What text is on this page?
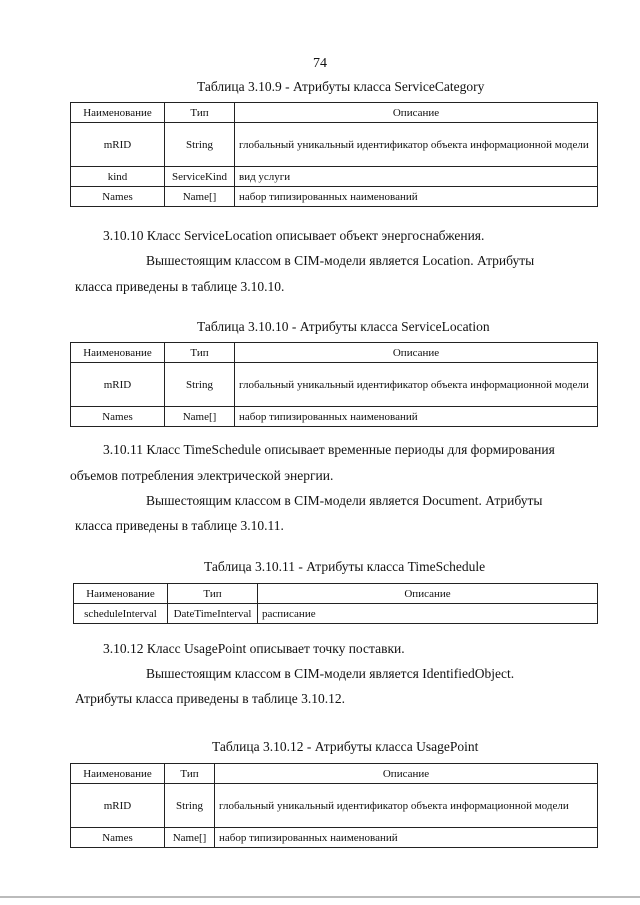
74
Таблица 3.10.9 - Атрибуты класса ServiceCategory
Наименование	Тип	Описание
mRID	String	глобальный уникальный идентификатор объекта информационной модели
kind	ServiceKind	вид услуги
Names	Name[]	набор типизированных наименований
3.10.10 Класс ServiceLocation описывает объект энергоснабжения.
Вышестоящим классом в CIM-модели является Location. Атрибуты
класса приведены в таблице 3.10.10.
Таблица 3.10.10 - Атрибуты класса ServiceLocation
Наименование	Тип	Описание
mRID	String	глобальный уникальный идентификатор объекта информационной модели
Names	Name[]	набор типизированных наименований
3.10.11 Класс TimeSchedule описывает временные периоды для формирования
объемов потребления электрической энергии.
Вышестоящим классом в CIM-модели является Document. Атрибуты
класса приведены в таблице 3.10.11.
Таблица 3.10.11 - Атрибуты класса TimeSchedule
Наименование	Тип	Описание
scheduleInterval	DateTimeInterval	расписание
3.10.12 Класс UsagePoint описывает точку поставки.
Вышестоящим классом в CIM-модели является IdentifiedObject.
Атрибуты класса приведены в таблице 3.10.12.
Таблица 3.10.12 - Атрибуты класса UsagePoint
Наименование	Тип	Описание
mRID	String	глобальный уникальный идентификатор объекта информационной модели
Names	Name[]	набор типизированных наименований
